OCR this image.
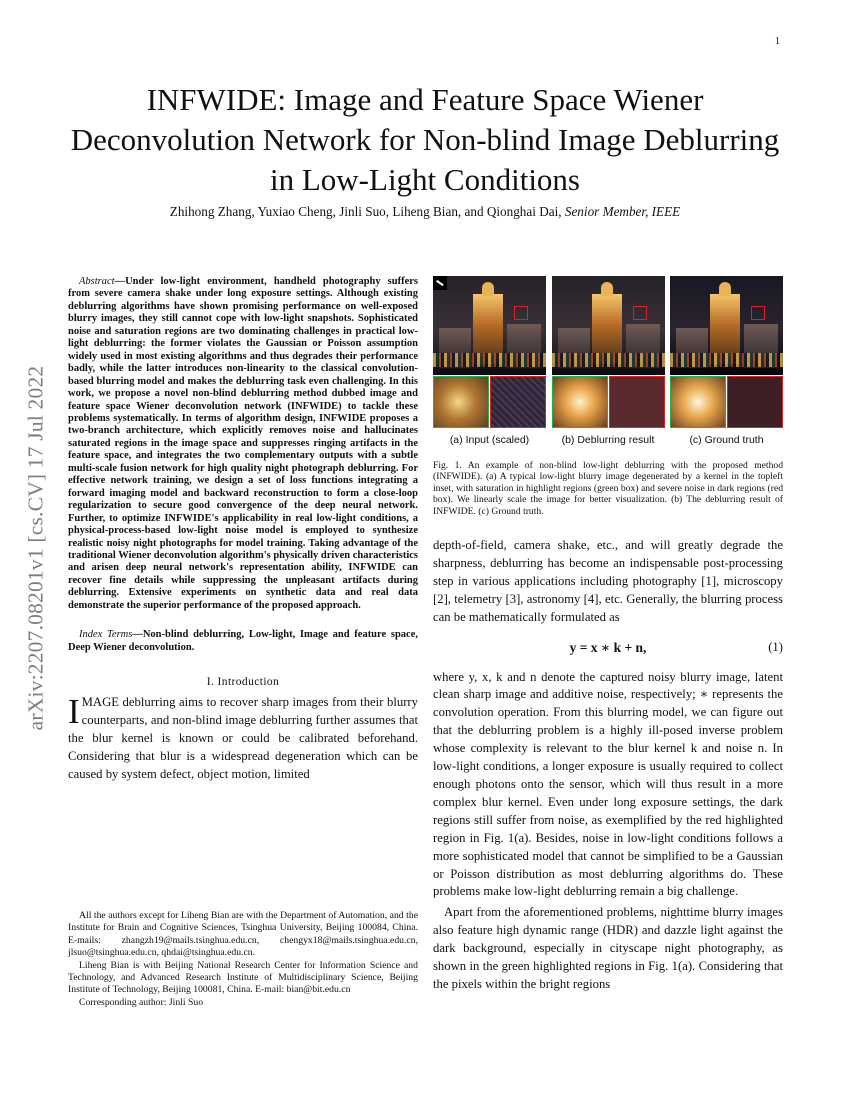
1
arXiv:2207.08201v1 [cs.CV] 17 Jul 2022
INFWIDE: Image and Feature Space Wiener Deconvolution Network for Non-blind Image Deblurring in Low-Light Conditions
Zhihong Zhang, Yuxiao Cheng, Jinli Suo, Liheng Bian, and Qionghai Dai, Senior Member, IEEE

Abstract—Under low-light environment, handheld photography suffers from severe camera shake under long exposure settings. Although existing deblurring algorithms have shown promising performance on well-exposed blurry images, they still cannot cope with low-light snapshots. Sophisticated noise and saturation regions are two dominating challenges in practical low-light deblurring: the former violates the Gaussian or Poisson assumption widely used in most existing algorithms and thus degrades their performance badly, while the latter introduces non-linearity to the classical convolution-based blurring model and makes the deblurring task even challenging. In this work, we propose a novel non-blind deblurring method dubbed image and feature space Wiener deconvolution network (INFWIDE) to tackle these problems systematically. In terms of algorithm design, INFWIDE proposes a two-branch architecture, which explicitly removes noise and hallucinates saturated regions in the image space and suppresses ringing artifacts in the feature space, and integrates the two complementary outputs with a subtle multi-scale fusion network for high quality night photograph deblurring. For effective network training, we design a set of loss functions integrating a forward imaging model and backward reconstruction to form a close-loop regularization to secure good convergence of the deep neural network. Further, to optimize INFWIDE's applicability in real low-light conditions, a physical-process-based low-light noise model is employed to synthesize realistic noisy night photographs for model training. Taking advantage of the traditional Wiener deconvolution algorithm's physically driven characteristics and arisen deep neural network's representation ability, INFWIDE can recover fine details while suppressing the unpleasant artifacts during deblurring. Extensive experiments on synthetic data and real data demonstrate the superior performance of the proposed approach.

Index Terms—Non-blind deblurring, Low-light, Image and feature space, Deep Wiener deconvolution.

I. Introduction
IMAGE deblurring aims to recover sharp images from their blurry counterparts, and non-blind image deblurring further assumes that the blur kernel is known or could be calibrated beforehand. Considering that blur is a widespread degeneration which can be caused by system defect, object motion, limited

All the authors except for Liheng Bian are with the Department of Automation, and the Institute for Brain and Cognitive Sciences, Tsinghua University, Beijing 100084, China. E-mails: zhangzh19@mails.tsinghua.edu.cn, chengyx18@mails.tsinghua.edu.cn, jlsuo@tsinghua.edu.cn, qhdai@tsinghua.edu.cn.

Liheng Bian is with Beijing National Research Center for Information Science and Technology, and Advanced Research Institute of Multidisciplinary Science, Beijing Institute of Technology, Beijing 100081, China. E-mail: bian@bit.edu.cn

Corresponding author: Jinli Suo

(a) Input (scaled)	(b) Deblurring result	(c) Ground truth
Fig. 1. An example of non-blind low-light deblurring with the proposed method (INFWIDE). (a) A typical low-light blurry image degenerated by a kernel in the topleft inset, with saturation in highlight regions (green box) and severe noise in dark regions (red box). We linearly scale the image for better visualization. (b) The deblurring result of INFWIDE. (c) Ground truth.

depth-of-field, camera shake, etc., and will greatly degrade the sharpness, deblurring has become an indispensable post-processing step in various applications including photography [1], microscopy [2], telemetry [3], astronomy [4], etc. Generally, the blurring process can be mathematically formulated as

y = x ∗ k + n,	(1)

where y, x, k and n denote the captured noisy blurry image, latent clean sharp image and additive noise, respectively; ∗ represents the convolution operation. From this blurring model, we can figure out that the deblurring problem is a highly ill-posed inverse problem whose complexity is relevant to the blur kernel k and noise n. In low-light conditions, a longer exposure is usually required to collect enough photons onto the sensor, which will thus result in a more complex blur kernel. Even under long exposure settings, the dark regions still suffer from noise, as exemplified by the red highlighted region in Fig. 1(a). Besides, noise in low-light conditions follows a more sophisticated model that cannot be simplified to be a Gaussian or Poisson distribution as most deblurring algorithms do. These problems make low-light deblurring remain a big challenge.

Apart from the aforementioned problems, nighttime blurry images also feature high dynamic range (HDR) and dazzle light against the dark background, especially in cityscape night photography, as shown in the green highlighted regions in Fig. 1(a). Considering that the pixels within the bright regions
